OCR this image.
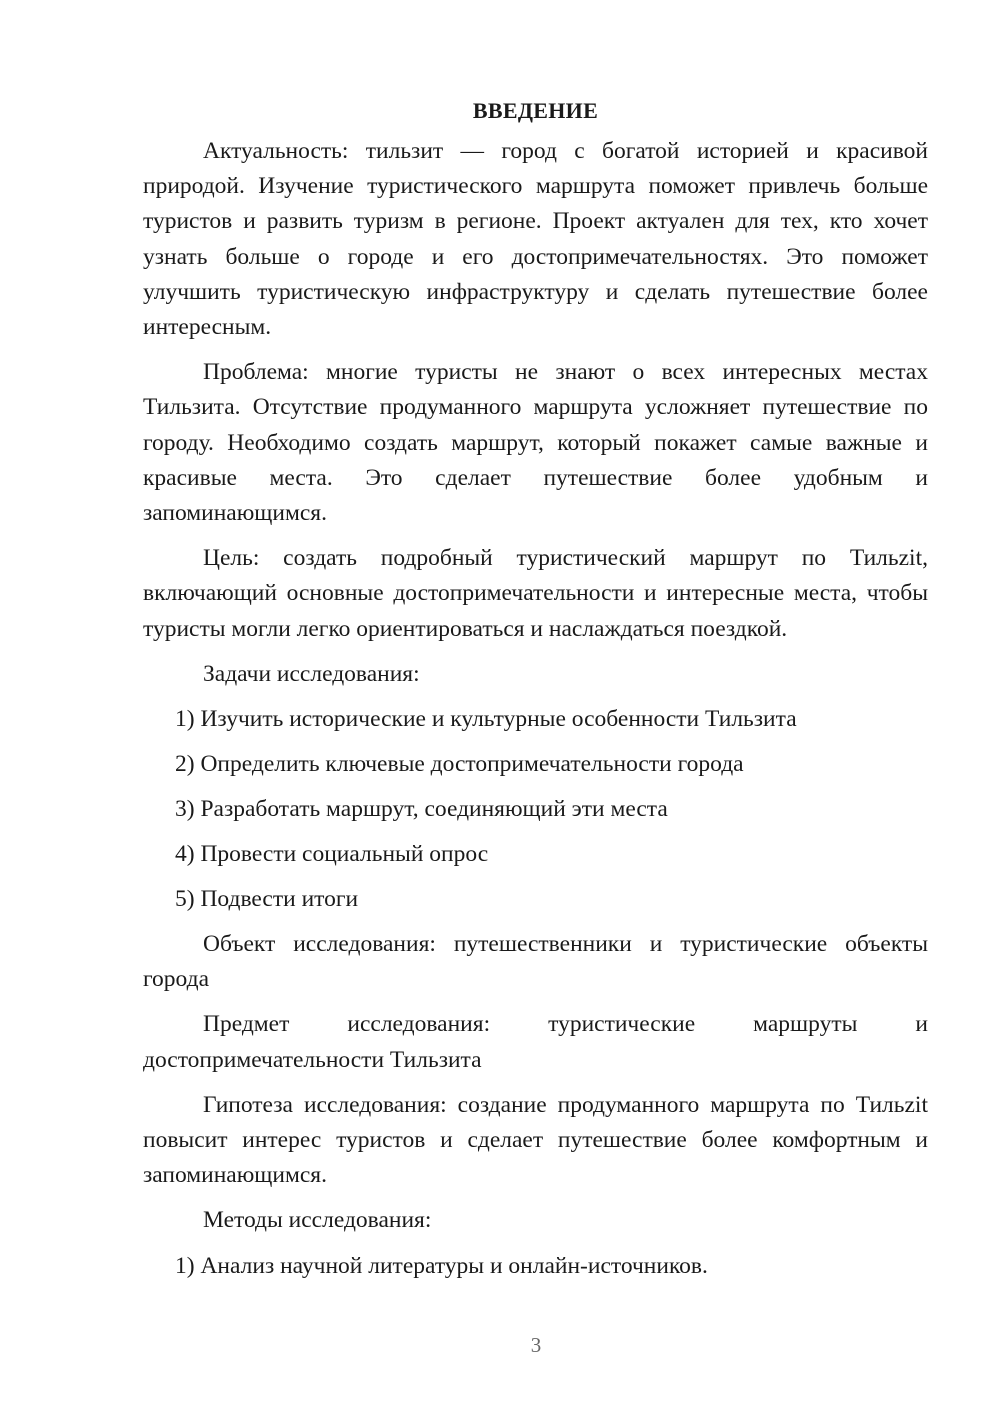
ВВЕДЕНИЕ

Актуальность: тильзит — город с богатой историей и красивой природой. Изучение туристического маршрута поможет привлечь больше туристов и развить туризм в регионе. Проект актуален для тех, кто хочет узнать больше о городе и его достопримечательностях. Это поможет улучшить туристическую инфраструктуру и сделать путешествие более интересным.

Проблема: многие туристы не знают о всех интересных местах Тильзита. Отсутствие продуманного маршрута усложняет путешествие по городу. Необходимо создать маршрут, который покажет самые важные и красивые места. Это сделает путешествие более удобным и запоминающимся.

Цель: создать подробный туристический маршрут по Тильzit, включающий основные достопримечательности и интересные места, чтобы туристы могли легко ориентироваться и наслаждаться поездкой.

Задачи исследования:

1) Изучить исторические и культурные особенности Тильзита
2) Определить ключевые достопримечательности города
3) Разработать маршрут, соединяющий эти места
4) Провести социальный опрос
5) Подвести итоги

Объект исследования: путешественники и туристические объекты города

Предмет исследования: туристические маршруты и достопримечательности Тильзита

Гипотеза исследования: создание продуманного маршрута по Тильzit повысит интерес туристов и сделает путешествие более комфортным и запоминающимся.

Методы исследования:

1) Анализ научной литературы и онлайн-источников.
3
